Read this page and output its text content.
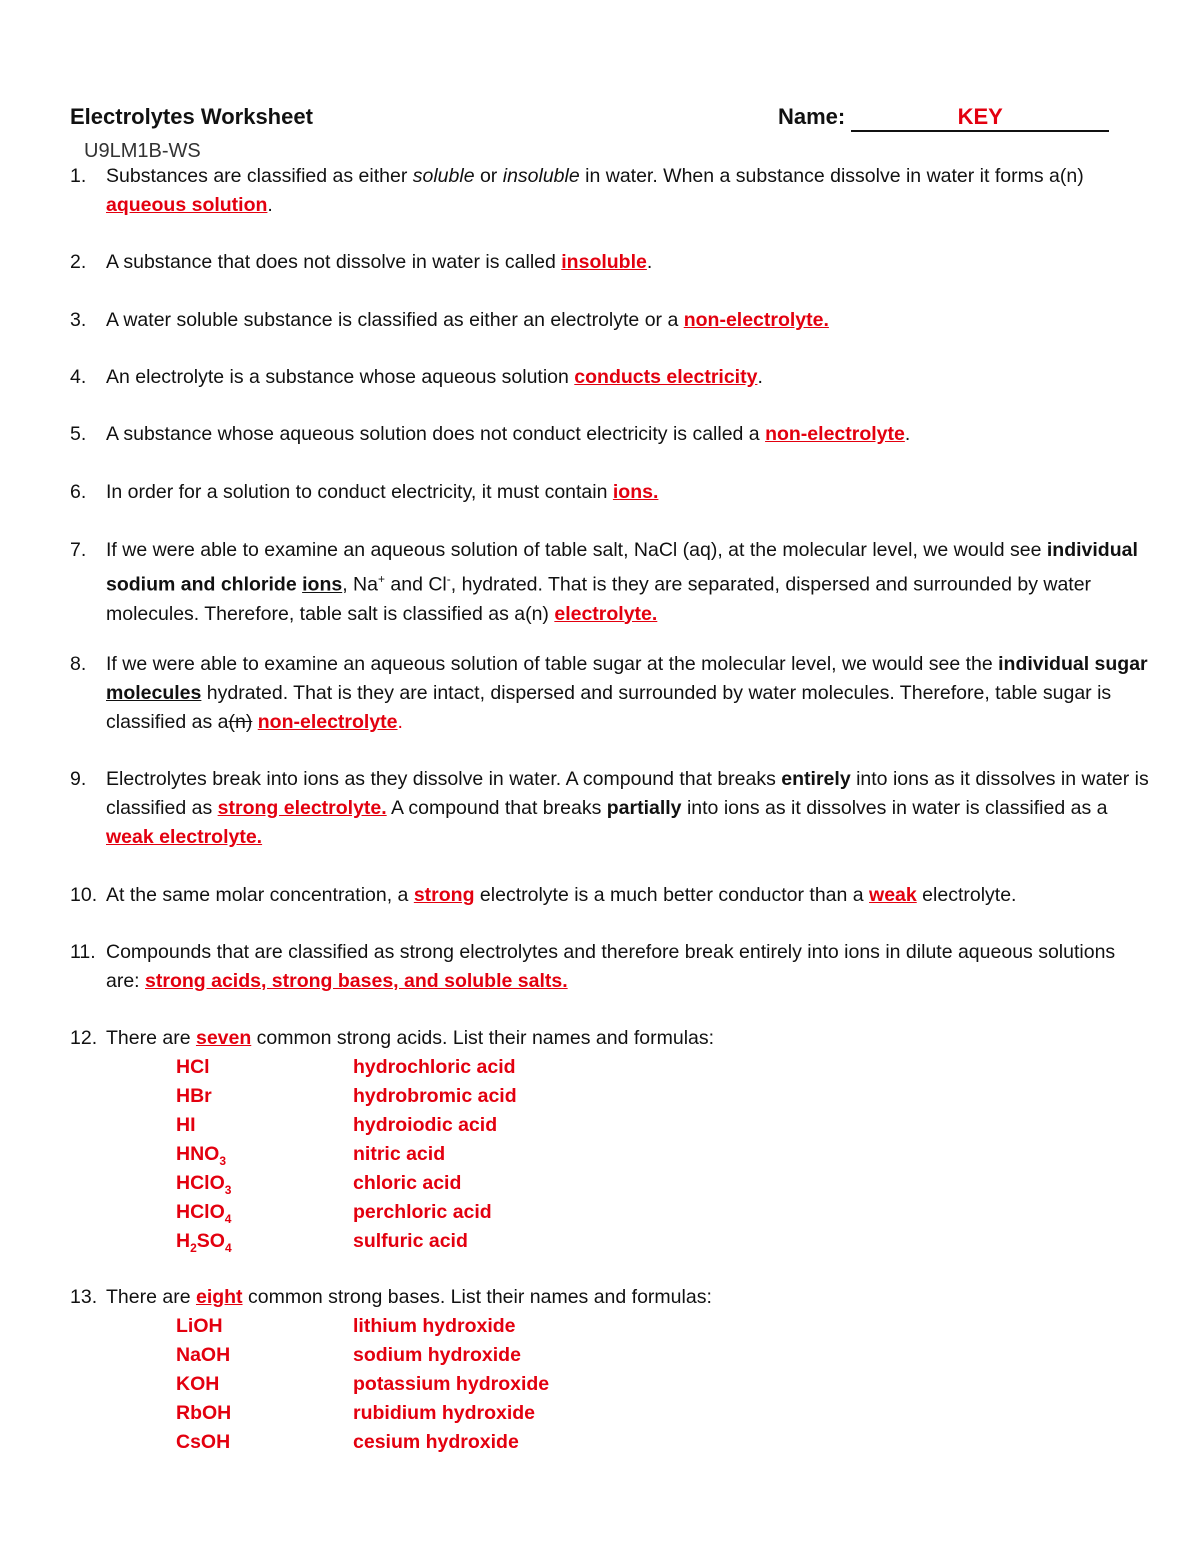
Electrolytes Worksheet	Name:	KEY
U9LM1B-WS
1.	Substances are classified as either soluble or insoluble in water. When a substance dissolve in water it forms a(n) aqueous solution.
2.	A substance that does not dissolve in water is called insoluble.
3.	A water soluble substance is classified as either an electrolyte or a non-electrolyte.
4.	An electrolyte is a substance whose aqueous solution conducts electricity.
5.	A substance whose aqueous solution does not conduct electricity is called a non-electrolyte.
6.	In order for a solution to conduct electricity, it must contain ions.
7.	If we were able to examine an aqueous solution of table salt, NaCl (aq), at the molecular level, we would see individual sodium and chloride ions, Na+ and Cl-, hydrated. That is they are separated, dispersed and surrounded by water molecules. Therefore, table salt is classified as a(n) electrolyte.
8.	If we were able to examine an aqueous solution of table sugar at the molecular level, we would see the individual sugar molecules hydrated. That is they are intact, dispersed and surrounded by water molecules. Therefore, table sugar is classified as a(n) non-electrolyte.
9.	Electrolytes break into ions as they dissolve in water. A compound that breaks entirely into ions as it dissolves in water is classified as strong electrolyte. A compound that breaks partially into ions as it dissolves in water is classified as a weak electrolyte.
10. At the same molar concentration, a strong electrolyte is a much better conductor than a weak electrolyte.
11. Compounds that are classified as strong electrolytes and therefore break entirely into ions in dilute aqueous solutions are: strong acids, strong bases, and soluble salts.
12. There are seven common strong acids. List their names and formulas:
HCl	hydrochloric acid
HBr	hydrobromic acid
HI	hydroiodic acid
$HNO_3$	nitric acid
HClO$_3$	chloric acid
HClO$_4$	perchloric acid
$H_2SO_4$	sulfuric acid
13. There are eight common strong bases. List their names and formulas:
LiOH	lithium hydroxide
NaOH	sodium hydroxide
KOH	potassium hydroxide
RbOH	rubidium hydroxide
CsOH	cesium hydroxide
